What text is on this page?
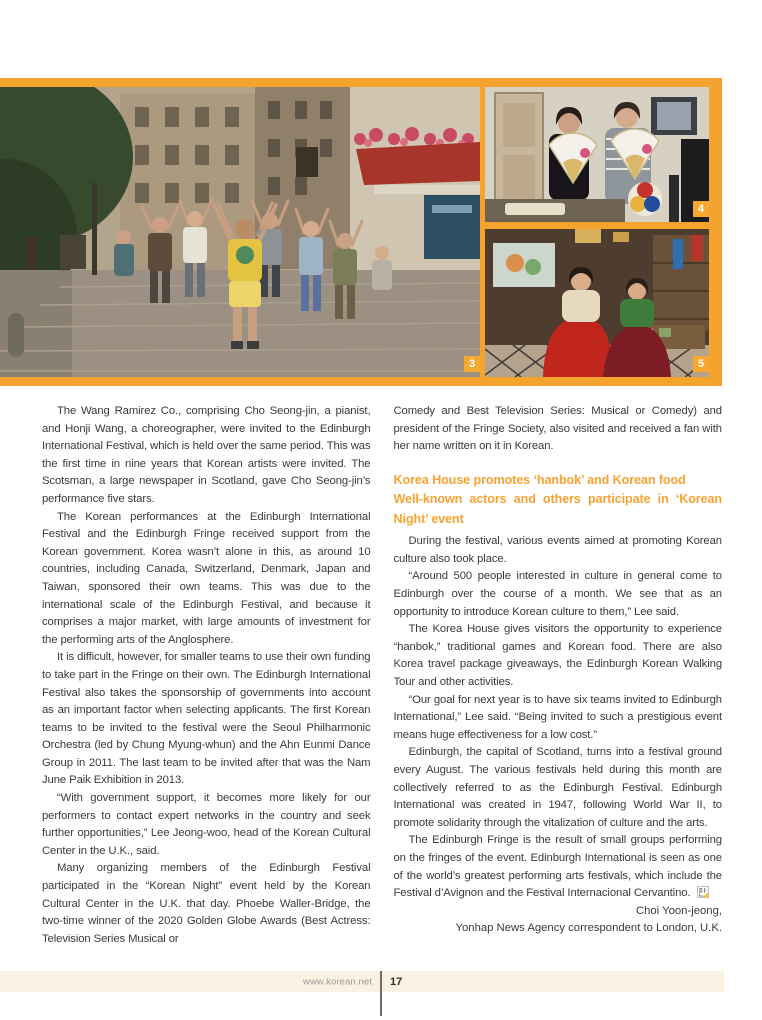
3
4
5

The Wang Ramirez Co., comprising Cho Seong-jin, a pianist, and Honji Wang, a choreographer, were invited to the Edinburgh International Festival, which is held over the same period. This was the first time in nine years that Korean artists were invited. The Scotsman, a large newspaper in Scotland, gave Cho Seong-jin’s performance five stars.

The Korean performances at the Edinburgh International Festival and the Edinburgh Fringe received support from the Korean government. Korea wasn’t alone in this, as around 10 countries, including Canada, Switzerland, Denmark, Japan and Taiwan, sponsored their own teams. This was due to the international scale of the Edinburgh Festival, and because it comprises a major market, with large amounts of investment for the performing arts of the Anglosphere.

It is difficult, however, for smaller teams to use their own funding to take part in the Fringe on their own. The Edinburgh International Festival also takes the sponsorship of governments into account as an important factor when selecting applicants. The first Korean teams to be invited to the festival were the Seoul Philharmonic Orchestra (led by Chung Myung-whun) and the Ahn Eunmi Dance Group in 2011. The last team to be invited after that was the Nam June Paik Exhibition in 2013.

“With government support, it becomes more likely for our performers to contact expert networks in the country and seek further opportunities,” Lee Jeong-woo, head of the Korean Cultural Center in the U.K., said.

Many organizing members of the Edinburgh Festival participated in the “Korean Night” event held by the Korean Cultural Center in the U.K. that day. Phoebe Waller-Bridge, the two-time winner of the 2020 Golden Globe Awards (Best Actress: Television Series Musical or

Comedy and Best Television Series: Musical or Comedy) and president of the Fringe Society, also visited and received a fan with her name written on it in Korean.

Korea House promotes ‘hanbok’ and Korean food
Well-known actors and others participate in ‘Korean Night’ event

During the festival, various events aimed at promoting Korean culture also took place.

“Around 500 people interested in culture in general come to Edinburgh over the course of a month. We see that as an opportunity to introduce Korean culture to them,” Lee said.

The Korea House gives visitors the opportunity to experience “hanbok,” traditional games and Korean food. There are also Korea travel package giveaways, the Edinburgh Korean Walking Tour and other activities.

“Our goal for next year is to have six teams invited to Edinburgh International,” Lee said. “Being invited to such a prestigious event means huge effectiveness for a low cost.”

Edinburgh, the capital of Scotland, turns into a festival ground every August. The various festivals held during this month are collectively referred to as the Edinburgh Festival. Edinburgh International was created in 1947, following World War II, to promote solidarity through the vitalization of culture and the arts.

The Edinburgh Fringe is the result of small groups performing on the fringes of the event. Edinburgh International is seen as one of the world’s greatest performing arts festivals, which include the Festival d’Avignon and the Festival Internacional Cervantino.

Choi Yoon-jeong,
Yonhap News Agency correspondent to London, U.K.

www.korean.net 17
